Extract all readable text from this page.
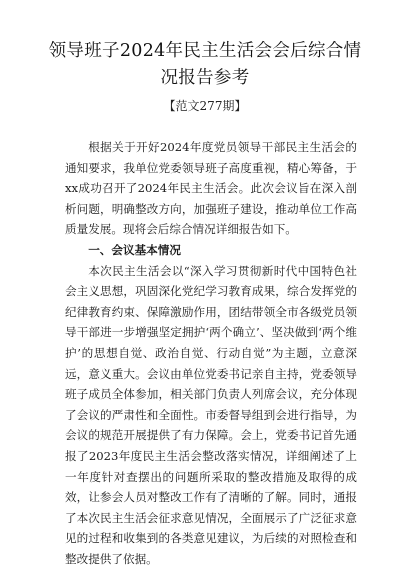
领导班子2024年民主生活会会后综合情况报告参考
【范文277期】

根据关于开好2024年度党员领导干部民主生活会的通知要求，我单位党委领导班子高度重视，精心筹备，于xx成功召开了2024年民主生活会。此次会议旨在深入剖析问题，明确整改方向，加强班子建设，推动单位工作高质量发展。现将会后综合情况详细报告如下。

一、会议基本情况

本次民主生活会以“深入学习贯彻新时代中国特色社会主义思想，巩固深化党纪学习教育成果，综合发挥党的纪律教育约束、保障激励作用，团结带领全市各级党员领导干部进一步增强坚定拥护‘两个确立’、坚决做到‘两个维护’的思想自觉、政治自觉、行动自觉”为主题，立意深远，意义重大。会议由单位党委书记亲自主持，党委领导班子成员全体参加，相关部门负责人列席会议，充分体现了会议的严肃性和全面性。市委督导组到会进行指导，为会议的规范开展提供了有力保障。会上，党委书记首先通报了2023年度民主生活会整改落实情况，详细阐述了上一年度针对查摆出的问题所采取的整改措施及取得的成效，让参会人员对整改工作有了清晰的了解。同时，通报了本次民主生活会征求意见情况，全面展示了广泛征求意见的过程和收集到的各类意见建议，为后续的对照检查和整改提供了依据。
